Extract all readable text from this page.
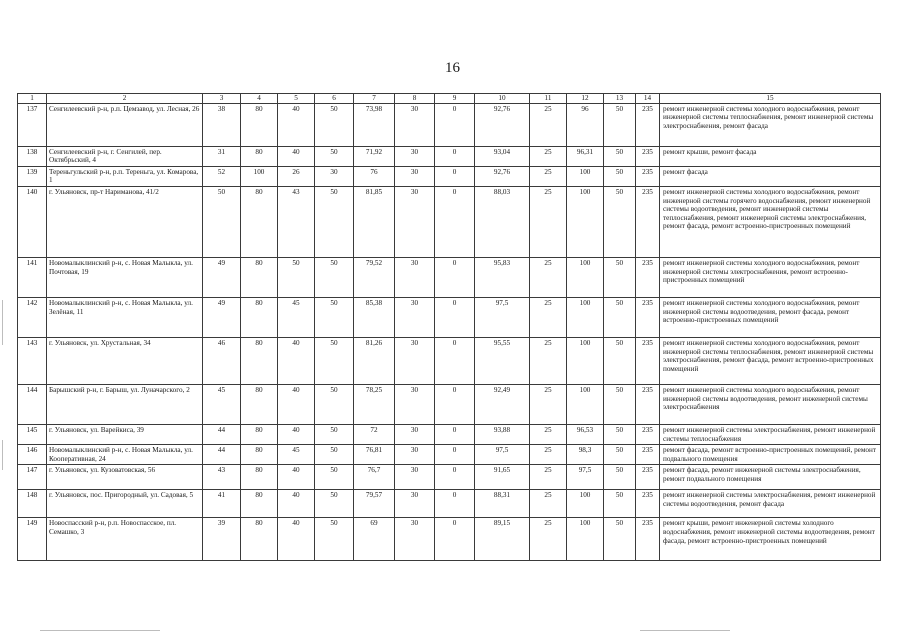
16
1	2	3	4	5	6	7	8	9	10	11	12	13	14	15
137	Сенгилеевский р-н, р.п. Цемзавод, ул. Лесная, 26	38	80	40	50	73,98	30	0	92,76	25	96	50	235	ремонт инженерной системы холодного водоснабжения, ремонт инженерной системы теплоснабжения, ремонт инженерной системы электроснабжения, ремонт фасада
138	Сенгилеевский р-н, г. Сенгилей, пер. Октябрьский, 4	31	80	40	50	71,92	30	0	93,04	25	96,31	50	235	ремонт крыши, ремонт фасада
139	Тереньгульский р-н, р.п. Тереньга, ул. Комарова, 1	52	100	26	30	76	30	0	92,76	25	100	50	235	ремонт фасада
140	г. Ульяновск, пр-т Нариманова, 41/2	50	80	43	50	81,85	30	0	88,03	25	100	50	235	ремонт инженерной системы холодного водоснабжения, ремонт инженерной системы горячего водоснабжения, ремонт инженерной системы водоотведения, ремонт инженерной системы теплоснабжения, ремонт инженерной системы электроснабжения, ремонт фасада, ремонт встроенно-пристроенных помещений
141	Новомалыклинский р-н, с. Новая Малыкла, ул. Почтовая, 19	49	80	50	50	79,52	30	0	95,83	25	100	50	235	ремонт инженерной системы холодного водоснабжения, ремонт инженерной системы электроснабжения, ремонт встроенно-пристроенных помещений
142	Новомалыклинский р-н, с. Новая Малыкла, ул. Зелёная, 11	49	80	45	50	85,38	30	0	97,5	25	100	50	235	ремонт инженерной системы холодного водоснабжения, ремонт инженерной системы водоотведения, ремонт фасада, ремонт встроенно-пристроенных помещений
143	г. Ульяновск, ул. Хрустальная, 34	46	80	40	50	81,26	30	0	95,55	25	100	50	235	ремонт инженерной системы холодного водоснабжения, ремонт инженерной системы теплоснабжения, ремонт инженерной системы электроснабжения, ремонт фасада, ремонт встроенно-пристроенных помещений
144	Барышский р-н, г. Барыш, ул. Луначарского, 2	45	80	40	50	78,25	30	0	92,49	25	100	50	235	ремонт инженерной системы холодного водоснабжения, ремонт инженерной системы водоотведения, ремонт инженерной системы электроснабжения
145	г. Ульяновск, ул. Варейкиса, 39	44	80	40	50	72	30	0	93,88	25	96,53	50	235	ремонт инженерной системы электроснабжения, ремонт инженерной системы теплоснабжения
146	Новомалыклинский р-н, с. Новая Малыкла, ул. Кооперативная, 24	44	80	45	50	76,81	30	0	97,5	25	98,3	50	235	ремонт фасада, ремонт встроенно-пристроенных помещений, ремонт подвального помещения
147	г. Ульяновск, ул. Кузоватовская, 56	43	80	40	50	76,7	30	0	91,65	25	97,5	50	235	ремонт фасада, ремонт инженерной системы электроснабжения, ремонт подвального помещения
148	г. Ульяновск, пос. Пригородный, ул. Садовая, 5	41	80	40	50	79,57	30	0	88,31	25	100	50	235	ремонт инженерной системы электроснабжения, ремонт инженерной системы водоотведения, ремонт фасада
149	Новоспасский р-н, р.п. Новоспасское, пл. Семашко, 3	39	80	40	50	69	30	0	89,15	25	100	50	235	ремонт крыши, ремонт инженерной системы холодного водоснабжения, ремонт инженерной системы водоотведения, ремонт фасада, ремонт встроенно-пристроенных помещений
